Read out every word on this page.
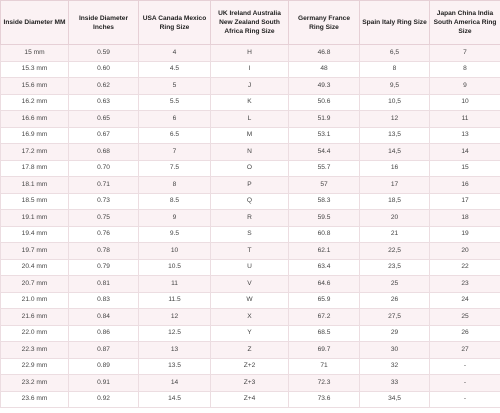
Inside Diameter MM	Inside Diameter Inches	USA Canada Mexico Ring Size	UK Ireland Australia New Zealand South Africa Ring Size	Germany France Ring Size	Spain Italy Ring Size	Japan China India South America Ring Size
15 mm	0.59	4	H	46.8	6,5	7
15.3 mm	0.60	4.5	I	48	8	8
15.6 mm	0.62	5	J	49.3	9,5	9
16.2 mm	0.63	5.5	K	50.6	10,5	10
16.6 mm	0.65	6	L	51.9	12	11
16.9 mm	0.67	6.5	M	53.1	13,5	13
17.2 mm	0.68	7	N	54.4	14,5	14
17.8 mm	0.70	7.5	O	55.7	16	15
18.1 mm	0.71	8	P	57	17	16
18.5 mm	0.73	8.5	Q	58.3	18,5	17
19.1 mm	0.75	9	R	59.5	20	18
19.4 mm	0.76	9.5	S	60.8	21	19
19.7 mm	0.78	10	T	62.1	22,5	20
20.4 mm	0.79	10.5	U	63.4	23,5	22
20.7 mm	0.81	11	V	64.6	25	23
21.0 mm	0.83	11.5	W	65.9	26	24
21.6 mm	0.84	12	X	67.2	27,5	25
22.0 mm	0.86	12.5	Y	68.5	29	26
22.3 mm	0.87	13	Z	69.7	30	27
22.9 mm	0.89	13.5	Z+2	71	32	-
23.2 mm	0.91	14	Z+3	72.3	33	-
23.6 mm	0.92	14.5	Z+4	73.6	34,5	-
